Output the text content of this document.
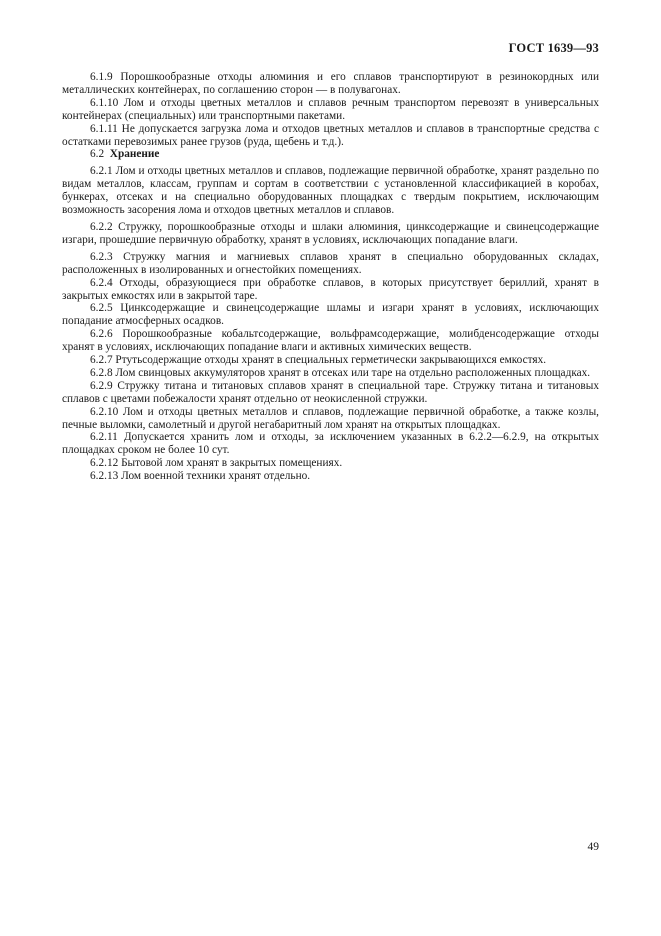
ГОСТ 1639—93

6.1.9 Порошкообразные отходы алюминия и его сплавов транспортируют в резинокордных или металлических контейнерах, по соглашению сторон — в полувагонах.

6.1.10 Лом и отходы цветных металлов и сплавов речным транспортом перевозят в универсальных контейнерах (специальных) или транспортными пакетами.

6.1.11 Не допускается загрузка лома и отходов цветных металлов и сплавов в транспортные средства с остатками перевозимых ранее грузов (руда, щебень и т.д.).

6.2 Хранение

6.2.1 Лом и отходы цветных металлов и сплавов, подлежащие первичной обработке, хранят раздельно по видам металлов, классам, группам и сортам в соответствии с установленной классификацией в коробах, бункерах, отсеках и на специально оборудованных площадках с твердым покрытием, исключающим возможность засорения лома и отходов цветных металлов и сплавов.

6.2.2 Стружку, порошкообразные отходы и шлаки алюминия, цинксодержащие и свинецсодержащие изгари, прошедшие первичную обработку, хранят в условиях, исключающих попадание влаги.

6.2.3 Стружку магния и магниевых сплавов хранят в специально оборудованных складах, расположенных в изолированных и огнестойких помещениях.

6.2.4 Отходы, образующиеся при обработке сплавов, в которых присутствует бериллий, хранят в закрытых емкостях или в закрытой таре.

6.2.5 Цинксодержащие и свинецсодержащие шламы и изгари хранят в условиях, исключающих попадание атмосферных осадков.

6.2.6 Порошкообразные кобальтсодержащие, вольфрамсодержащие, молибденсодержащие отходы хранят в условиях, исключающих попадание влаги и активных химических веществ.

6.2.7 Ртутьсодержащие отходы хранят в специальных герметически закрывающихся емкостях.

6.2.8 Лом свинцовых аккумуляторов хранят в отсеках или таре на отдельно расположенных площадках.

6.2.9 Стружку титана и титановых сплавов хранят в специальной таре. Стружку титана и титановых сплавов с цветами побежалости хранят отдельно от неокисленной стружки.

6.2.10 Лом и отходы цветных металлов и сплавов, подлежащие первичной обработке, а также козлы, печные выломки, самолетный и другой негабаритный лом хранят на открытых площадках.

6.2.11 Допускается хранить лом и отходы, за исключением указанных в 6.2.2—6.2.9, на открытых площадках сроком не более 10 сут.

6.2.12 Бытовой лом хранят в закрытых помещениях.

6.2.13 Лом военной техники хранят отдельно.

49
